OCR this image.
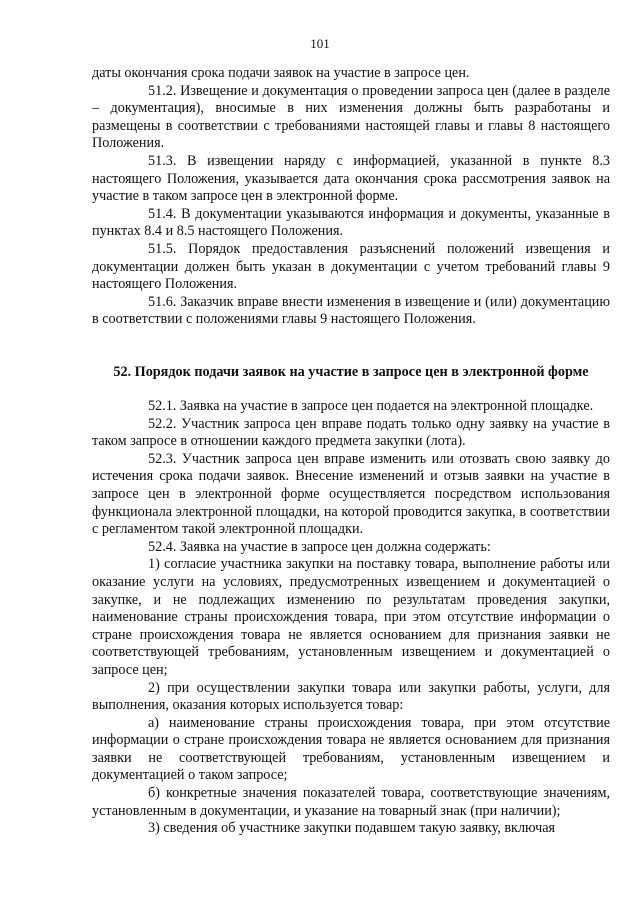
101

даты окончания срока подачи заявок на участие в запросе цен.

51.2. Извещение и документация о проведении запроса цен (далее в разделе – документация), вносимые в них изменения должны быть разработаны и размещены в соответствии с требованиями настоящей главы и главы 8 настоящего Положения.

51.3. В извещении наряду с информацией, указанной в пункте 8.3 настоящего Положения, указывается дата окончания срока рассмотрения заявок на участие в таком запросе цен в электронной форме.

51.4. В документации указываются информация и документы, указанные в пунктах 8.4 и 8.5 настоящего Положения.

51.5. Порядок предоставления разъяснений положений извещения и документации должен быть указан в документации с учетом требований главы 9 настоящего Положения.

51.6. Заказчик вправе внести изменения в извещение и (или) документацию в соответствии с положениями главы 9 настоящего Положения.

52. Порядок подачи заявок на участие в запросе цен в электронной форме

52.1. Заявка на участие в запросе цен подается на электронной площадке.

52.2. Участник запроса цен вправе подать только одну заявку на участие в таком запросе в отношении каждого предмета закупки (лота).

52.3. Участник запроса цен вправе изменить или отозвать свою заявку до истечения срока подачи заявок. Внесение изменений и отзыв заявки на участие в запросе цен в электронной форме осуществляется посредством использования функционала электронной площадки, на которой проводится закупка, в соответствии с регламентом такой электронной площадки.

52.4. Заявка на участие в запросе цен должна содержать:

1) согласие участника закупки на поставку товара, выполнение работы или оказание услуги на условиях, предусмотренных извещением и документацией о закупке, и не подлежащих изменению по результатам проведения закупки, наименование страны происхождения товара, при этом отсутствие информации о стране происхождения товара не является основанием для признания заявки не соответствующей требованиям, установленным извещением и документацией о запросе цен;

2) при осуществлении закупки товара или закупки работы, услуги, для выполнения, оказания которых используется товар:

а) наименование страны происхождения товара, при этом отсутствие информации о стране происхождения товара не является основанием для признания заявки не соответствующей требованиям, установленным извещением и документацией о таком запросе;

б) конкретные значения показателей товара, соответствующие значениям, установленным в документации, и указание на товарный знак (при наличии);

3) сведения об участнике закупки подавшем такую заявку, включая
